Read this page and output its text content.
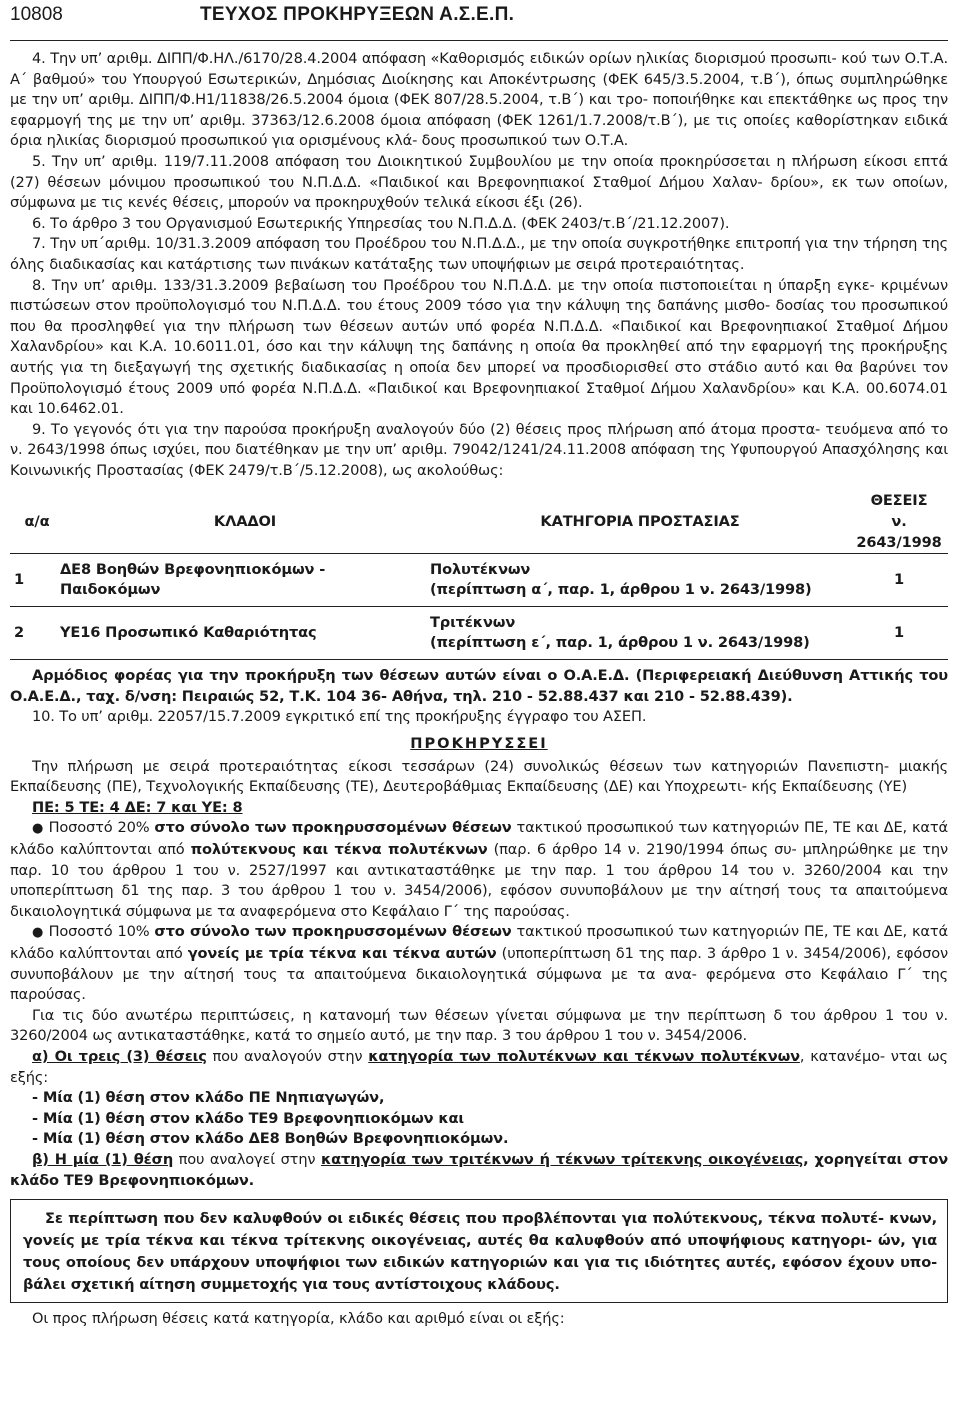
10808	ΤΕΥΧΟΣ ΠΡΟΚΗΡΥΞΕΩΝ Α.Σ.Ε.Π.

4. Την υπ’ αριθμ. ΔΙΠΠ/Φ.ΗΛ./6170/28.4.2004 απόφαση «Καθορισμός ειδικών ορίων ηλικίας διορισμού προσωπι- κού των Ο.Τ.Α. Α΄ βαθμού» του Υπουργού Εσωτερικών, Δημόσιας Διοίκησης και Αποκέντρωσης (ΦΕΚ 645/3.5.2004, τ.Β΄), όπως συμπληρώθηκε με την υπ’ αριθμ. ΔΙΠΠ/Φ.Η1/11838/26.5.2004 όμοια (ΦΕΚ 807/28.5.2004, τ.Β΄) και τρο- ποποιήθηκε και επεκτάθηκε ως προς την εφαρμογή της με την υπ’ αριθμ. 37363/12.6.2008 όμοια απόφαση (ΦΕΚ 1261/1.7.2008/τ.Β΄), με τις οποίες καθορίστηκαν ειδικά όρια ηλικίας διορισμού προσωπικού για ορισμένους κλά- δους προσωπικού των Ο.Τ.Α.

5. Την υπ’ αριθμ. 119/7.11.2008 απόφαση του Διοικητικού Συμβουλίου με την οποία προκηρύσσεται η πλήρωση είκοσι επτά (27) θέσεων μόνιμου προσωπικού του Ν.Π.Δ.Δ. «Παιδικοί και Βρεφονηπιακοί Σταθμοί Δήμου Χαλαν- δρίου», εκ των οποίων, σύμφωνα με τις κενές θέσεις, μπορούν να προκηρυχθούν τελικά είκοσι έξι (26).

6. Το άρθρο 3 του Οργανισμού Εσωτερικής Υπηρεσίας του Ν.Π.Δ.Δ. (ΦΕΚ 2403/τ.Β΄/21.12.2007).

7. Την υπ΄αριθμ. 10/31.3.2009 απόφαση του Προέδρου του Ν.Π.Δ.Δ., με την οποία συγκροτήθηκε επιτροπή για την τήρηση της όλης διαδικασίας και κατάρτισης των πινάκων κατάταξης των υποψήφιων με σειρά προτεραιότητας.

8. Την υπ’ αριθμ. 133/31.3.2009 βεβαίωση του Προέδρου του Ν.Π.Δ.Δ. με την οποία πιστοποιείται η ύπαρξη εγκε- κριμένων πιστώσεων στον προϋπολογισμό του Ν.Π.Δ.Δ. του έτους 2009 τόσο για την κάλυψη της δαπάνης μισθο- δοσίας του προσωπικού που θα προσληφθεί για την πλήρωση των θέσεων αυτών υπό φορέα Ν.Π.Δ.Δ. «Παιδικοί και Βρεφονηπιακοί Σταθμοί Δήμου Χαλανδρίου» και Κ.Α. 10.6011.01, όσο και την κάλυψη της δαπάνης η οποία θα προκληθεί από την εφαρμογή της προκήρυξης αυτής για τη διεξαγωγή της σχετικής διαδικασίας η οποία δεν μπορεί να προσδιορισθεί στο στάδιο αυτό και θα βαρύνει τον Προϋπολογισμό έτους 2009 υπό φορέα Ν.Π.Δ.Δ. «Παιδικοί και Βρεφονηπιακοί Σταθμοί Δήμου Χαλανδρίου» και Κ.Α. 00.6074.01 και 10.6462.01.

9. Το γεγονός ότι για την παρούσα προκήρυξη αναλογούν δύο (2) θέσεις προς πλήρωση από άτομα προστα- τευόμενα από το ν. 2643/1998 όπως ισχύει, που διατέθηκαν με την υπ’ αριθμ. 79042/1241/24.11.2008 απόφαση της Υφυπουργού Απασχόλησης και Κοινωνικής Προστασίας (ΦΕΚ 2479/τ.Β΄/5.12.2008), ως ακολούθως:

α/α	ΚΛΑΔΟΙ	ΚΑΤΗΓΟΡΙΑ ΠΡΟΣΤΑΣΙΑΣ	ΘΕΣΕΙΣ
ν. 2643/1998

1	ΔΕ8 Βοηθών Βρεφονηπιοκόμων - Παιδοκόμων	Πολυτέκνων
(περίπτωση α΄, παρ. 1, άρθρου 1 ν. 2643/1998)	1
2	ΥΕ16 Προσωπικό Καθαριότητας	Τριτέκνων
(περίπτωση ε΄, παρ. 1, άρθρου 1 ν. 2643/1998)	1

Αρμόδιος φορέας για την προκήρυξη των θέσεων αυτών είναι ο Ο.Α.Ε.Δ. (Περιφερειακή Διεύθυνση Αττικής του Ο.Α.Ε.Δ., ταχ. δ/νση: Πειραιώς 52, Τ.Κ. 104 36- Αθήνα, τηλ. 210 - 52.88.437 και 210 - 52.88.439).

10. Το υπ’ αριθμ. 22057/15.7.2009 εγκριτικό επί της προκήρυξης έγγραφο του ΑΣΕΠ.

ΠΡΟΚΗΡΥΣΣΕΙ

Την πλήρωση με σειρά προτεραιότητας είκοσι τεσσάρων (24) συνολικώς θέσεων των κατηγοριών Πανεπιστη- μιακής Εκπαίδευσης (ΠΕ), Τεχνολογικής Εκπαίδευσης (ΤΕ), Δευτεροβάθμιας Εκπαίδευσης (ΔΕ) και Υποχρεωτι- κής Εκπαίδευσης (ΥΕ)

ΠΕ: 5 ΤΕ: 4 ΔΕ: 7 και ΥΕ: 8

● Ποσοστό 20% στο σύνολο των προκηρυσσομένων θέσεων τακτικού προσωπικού των κατηγοριών ΠΕ, ΤΕ και ΔΕ, κατά κλάδο καλύπτονται από πολύτεκνους και τέκνα πολυτέκνων (παρ. 6 άρθρο 14 ν. 2190/1994 όπως συ- μπληρώθηκε με την παρ. 10 του άρθρου 1 του ν. 2527/1997 και αντικαταστάθηκε με την παρ. 1 του άρθρου 14 του ν. 3260/2004 και την υποπερίπτωση δ1 της παρ. 3 του άρθρου 1 του ν. 3454/2006), εφόσον συνυποβάλουν με την αίτησή τους τα απαιτούμενα δικαιολογητικά σύμφωνα με τα αναφερόμενα στο Κεφάλαιο Γ΄ της παρούσας.

● Ποσοστό 10% στο σύνολο των προκηρυσσομένων θέσεων τακτικού προσωπικού των κατηγοριών ΠΕ, ΤΕ και ΔΕ, κατά κλάδο καλύπτονται από γονείς με τρία τέκνα και τέκνα αυτών (υποπερίπτωση δ1 της παρ. 3 άρθρο 1 ν. 3454/2006), εφόσον συνυποβάλουν με την αίτησή τους τα απαιτούμενα δικαιολογητικά σύμφωνα με τα ανα- φερόμενα στο Κεφάλαιο Γ΄ της παρούσας.

Για τις δύο ανωτέρω περιπτώσεις, η κατανομή των θέσεων γίνεται σύμφωνα με την περίπτωση δ του άρθρου 1 του ν. 3260/2004 ως αντικαταστάθηκε, κατά το σημείο αυτό, με την παρ. 3 του άρθρου 1 του ν. 3454/2006.

α) Οι τρεις (3) θέσεις που αναλογούν στην κατηγορία των πολυτέκνων και τέκνων πολυτέκνων, κατανέμο- νται ως εξής:

- Μία (1) θέση στον κλάδο ΠΕ Νηπιαγωγών,
- Μία (1) θέση στον κλάδο ΤΕ9 Βρεφονηπιοκόμων και
- Μία (1) θέση στον κλάδο ΔΕ8 Βοηθών Βρεφονηπιοκόμων.

β) Η μία (1) θέση που αναλογεί στην κατηγορία των τριτέκνων ή τέκνων τρίτεκνης οικογένειας, χορηγείται στον κλάδο ΤΕ9 Βρεφονηπιοκόμων.

Σε περίπτωση που δεν καλυφθούν οι ειδικές θέσεις που προβλέπονται για πολύτεκνους, τέκνα πολυτέ- κνων, γονείς με τρία τέκνα και τέκνα τρίτεκνης οικογένειας, αυτές θα καλυφθούν από υποψήφιους κατηγορι- ών, για τους οποίους δεν υπάρχουν υποψήφιοι των ειδικών κατηγοριών και για τις ιδιότητες αυτές, εφόσον έχουν υπο- βάλει σχετική αίτηση συμμετοχής για τους αντίστοιχους κλάδους.

Οι προς πλήρωση θέσεις κατά κατηγορία, κλάδο και αριθμό είναι οι εξής:
